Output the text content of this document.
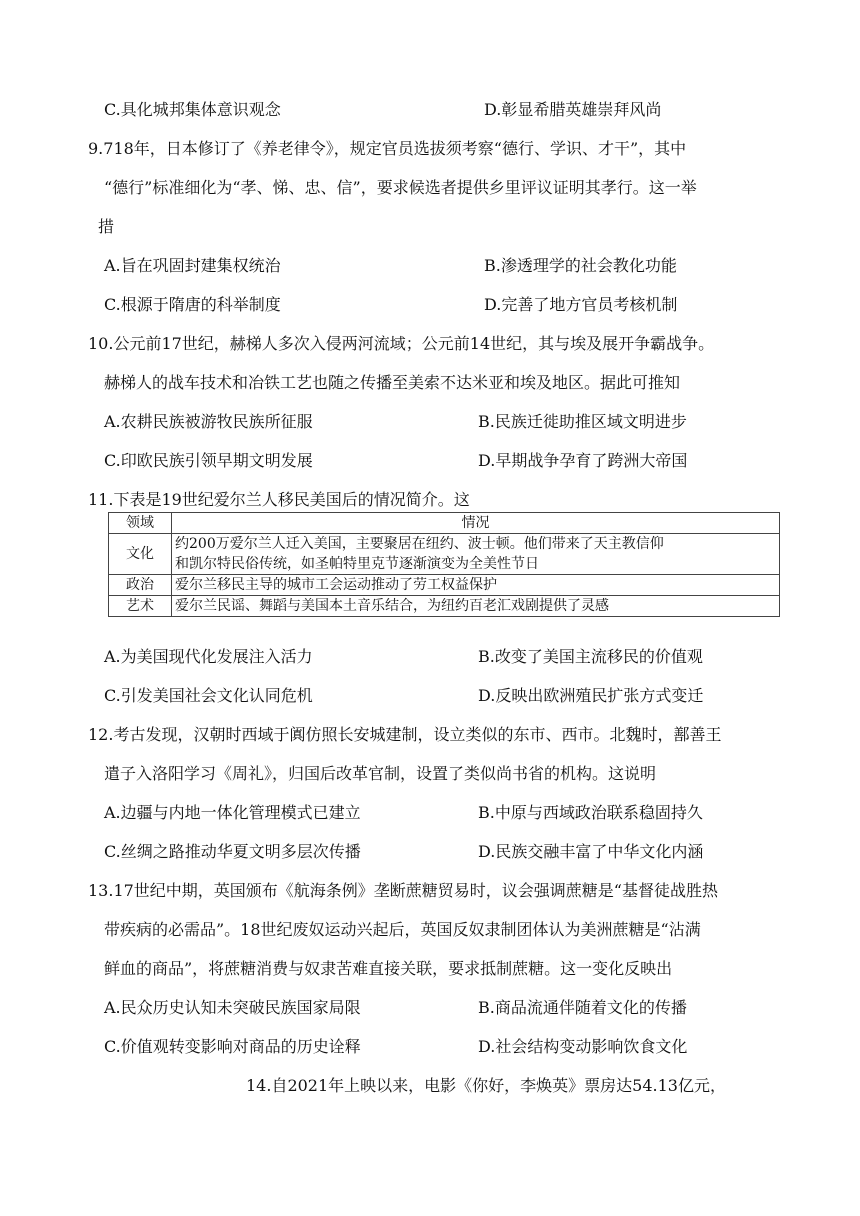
C.具化城邦集体意识观念	D.彰显希腊英雄崇拜风尚
9.718年，日本修订了《养老律令》，规定官员选拔须考察“德行、学识、才干”，其中
“德行”标准细化为“孝、悌、忠、信”，要求候选者提供乡里评议证明其孝行。这一举
措
A.旨在巩固封建集权统治	B.渗透理学的社会教化功能
C.根源于隋唐的科举制度	D.完善了地方官员考核机制
10.公元前17世纪，赫梯人多次入侵两河流域；公元前14世纪，其与埃及展开争霸战争。
赫梯人的战车技术和冶铁工艺也随之传播至美索不达米亚和埃及地区。据此可推知
A.农耕民族被游牧民族所征服	B.民族迁徙助推区域文明进步
C.印欧民族引领早期文明发展	D.早期战争孕育了跨洲大帝国
11.下表是19世纪爱尔兰人移民美国后的情况简介。这
领域	情况
文化	约200万爱尔兰人迁入美国，主要聚居在纽约、波士顿。他们带来了天主教信仰
和凯尔特民俗传统，如圣帕特里克节逐渐演变为全美性节日

政治	爱尔兰移民主导的城市工会运动推动了劳工权益保护
艺术	爱尔兰民谣、舞蹈与美国本土音乐结合，为纽约百老汇戏剧提供了灵感
A.为美国现代化发展注入活力	B.改变了美国主流移民的价值观
C.引发美国社会文化认同危机	D.反映出欧洲殖民扩张方式变迁
12.考古发现，汉朝时西域于阗仿照长安城建制，设立类似的东市、西市。北魏时，鄯善王
遣子入洛阳学习《周礼》，归国后改革官制，设置了类似尚书省的机构。这说明
A.边疆与内地一体化管理模式已建立	B.中原与西域政治联系稳固持久
C.丝绸之路推动华夏文明多层次传播	D.民族交融丰富了中华文化内涵
13.17世纪中期，英国颁布《航海条例》垄断蔗糖贸易时，议会强调蔗糖是“基督徒战胜热
带疾病的必需品”。18世纪废奴运动兴起后，英国反奴隶制团体认为美洲蔗糖是“沾满
鲜血的商品”，将蔗糖消费与奴隶苦难直接关联，要求抵制蔗糖。这一变化反映出
A.民众历史认知未突破民族国家局限	B.商品流通伴随着文化的传播
C.价值观转变影响对商品的历史诠释	D.社会结构变动影响饮食文化
14.自2021年上映以来，电影《你好，李焕英》票房达54.13亿元，
